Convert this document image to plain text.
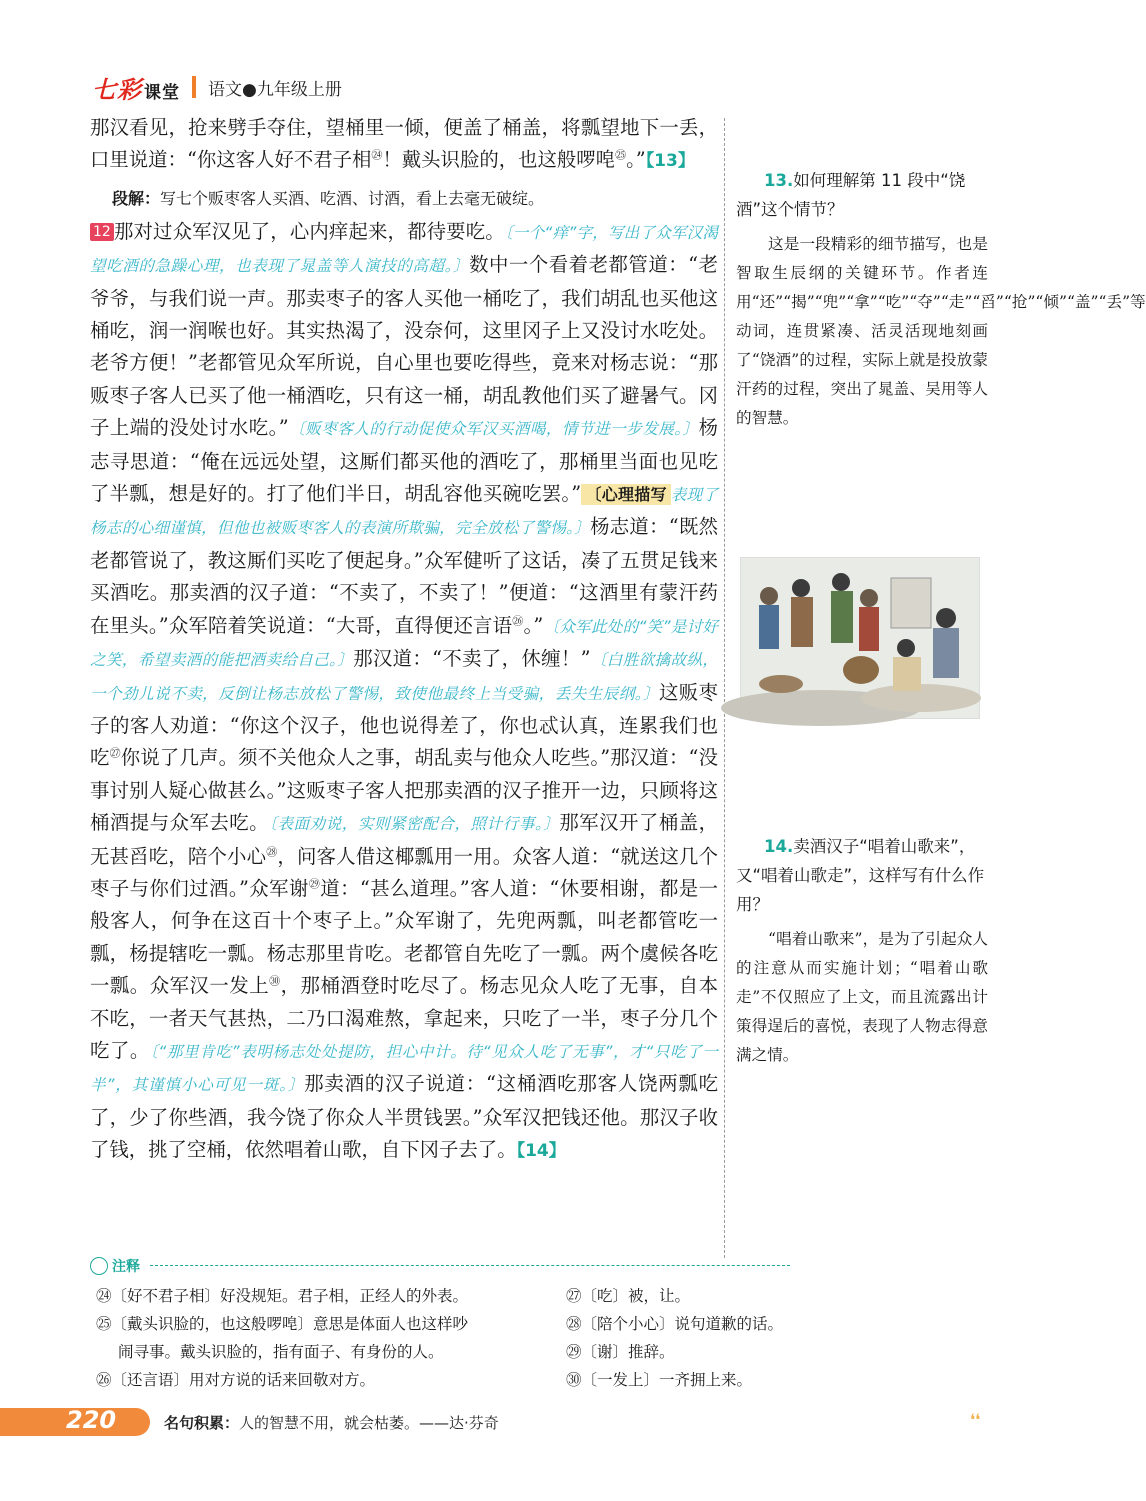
七彩 课堂 语文●九年级上册

那汉看见，抢来劈手夺住，望桶里一倾，便盖了桶盖，将瓢望地下一丢，口里说道：“你这客人好不君子相$^㉔$！戴头识脸的，也这般啰唣$^㉕$。”【13】

段解：写七个贩枣客人买酒、吃酒、讨酒，看上去毫无破绽。

12 那对过众军汉见了，心内痒起来，都待要吃。〔一个“痒”字，写出了众军汉渴望吃酒的急躁心理，也表现了晁盖等人演技的高超。〕数中一个看着老都管道：“老爷爷，与我们说一声。那卖枣子的客人买他一桶吃了，我们胡乱也买他这桶吃，润一润喉也好。其实热渴了，没奈何，这里冈子上又没讨水吃处。老爷方便！”老都管见众军所说，自心里也要吃得些，竟来对杨志说：“那贩枣子客人已买了他一桶酒吃，只有这一桶，胡乱教他们买了避暑气。冈子上端的没处讨水吃。”〔贩枣客人的行动促使众军汉买酒喝，情节进一步发展。〕杨志寻思道：“俺在远远处望，这厮们都买他的酒吃了，那桶里当面也见吃了半瓢，想是好的。打了他们半日，胡乱容他买碗吃罢。” 〔心理描写 表现了杨志的心细谨慎，但他也被贩枣客人的表演所欺骗，完全放松了警惕。〕杨志道：“既然老都管说了，教这厮们买吃了便起身。”众军健听了这话，凑了五贯足钱来买酒吃。那卖酒的汉子道：“不卖了，不卖了！”便道：“这酒里有蒙汗药在里头。”众军陪着笑说道：“大哥，直得便还言语$^㉖$。”〔众军此处的“笑”是讨好之笑，希望卖酒的能把酒卖给自己。〕那汉道：“不卖了，休缠！”〔白胜欲擒故纵，一个劲儿说不卖，反倒让杨志放松了警惕，致使他最终上当受骗，丢失生辰纲。〕这贩枣子的客人劝道：“你这个汉子，他也说得差了，你也忒认真，连累我们也吃$^㉗$你说了几声。须不关他众人之事，胡乱卖与他众人吃些。”那汉道：“没事讨别人疑心做甚么。”这贩枣子客人把那卖酒的汉子推开一边，只顾将这桶酒提与众军去吃。〔表面劝说，实则紧密配合，照计行事。〕那军汉开了桶盖，无甚舀吃，陪个小心$^㉘$，问客人借这椰瓢用一用。众客人道：“就送这几个枣子与你们过酒。”众军谢$^㉙$道：“甚么道理。”客人道：“休要相谢，都是一般客人，何争在这百十个枣子上。”众军谢了，先兜两瓢，叫老都管吃一瓢，杨提辖吃一瓢。杨志那里肯吃。老都管自先吃了一瓢。两个虞候各吃一瓢。众军汉一发上$^㉚$，那桶酒登时吃尽了。杨志见众人吃了无事，自本不吃，一者天气甚热，二乃口渴难熬，拿起来，只吃了一半，枣子分几个吃了。〔“那里肯吃”表明杨志处处提防，担心中计。待“见众人吃了无事”，才“只吃了一半”，其谨慎小心可见一斑。〕那卖酒的汉子说道：“这桶酒吃那客人饶两瓢吃了，少了你些酒，我今饶了你众人半贯钱罢。”众军汉把钱还他。那汉子收了钱，挑了空桶，依然唱着山歌，自下冈子去了。【14】

13.如何理解第 11 段中“饶酒”这个情节？

这是一段精彩的细节描写，也是智取生辰纲的关键环节。作者连用“还”“揭”“兜”“拿”“吃”“夺”“走”“舀”“抢”“倾”“盖”“丢”等动词，连贯紧凑、活灵活现地刻画了“饶酒”的过程，实际上就是投放蒙汗药的过程，突出了晁盖、吴用等人的智慧。

14.卖酒汉子“唱着山歌来”，又“唱着山歌走”，这样写有什么作用？

“唱着山歌来”，是为了引起众人的注意从而实施计划；“唱着山歌走”不仅照应了上文，而且流露出计策得逞后的喜悦，表现了人物志得意满之情。

注释
㉔〔好不君子相〕好没规矩。君子相，正经人的外表。
㉕〔戴头识脸的，也这般啰唣〕意思是体面人也这样吵
闹寻事。戴头识脸的，指有面子、有身份的人。
㉖〔还言语〕用对方说的话来回敬对方。
㉗〔吃〕被，让。
㉘〔陪个小心〕说句道歉的话。
㉙〔谢〕推辞。
㉚〔一发上〕一齐拥上来。
220	名句积累：人的智慧不用，就会枯萎。——达·芬奇	❛❛
